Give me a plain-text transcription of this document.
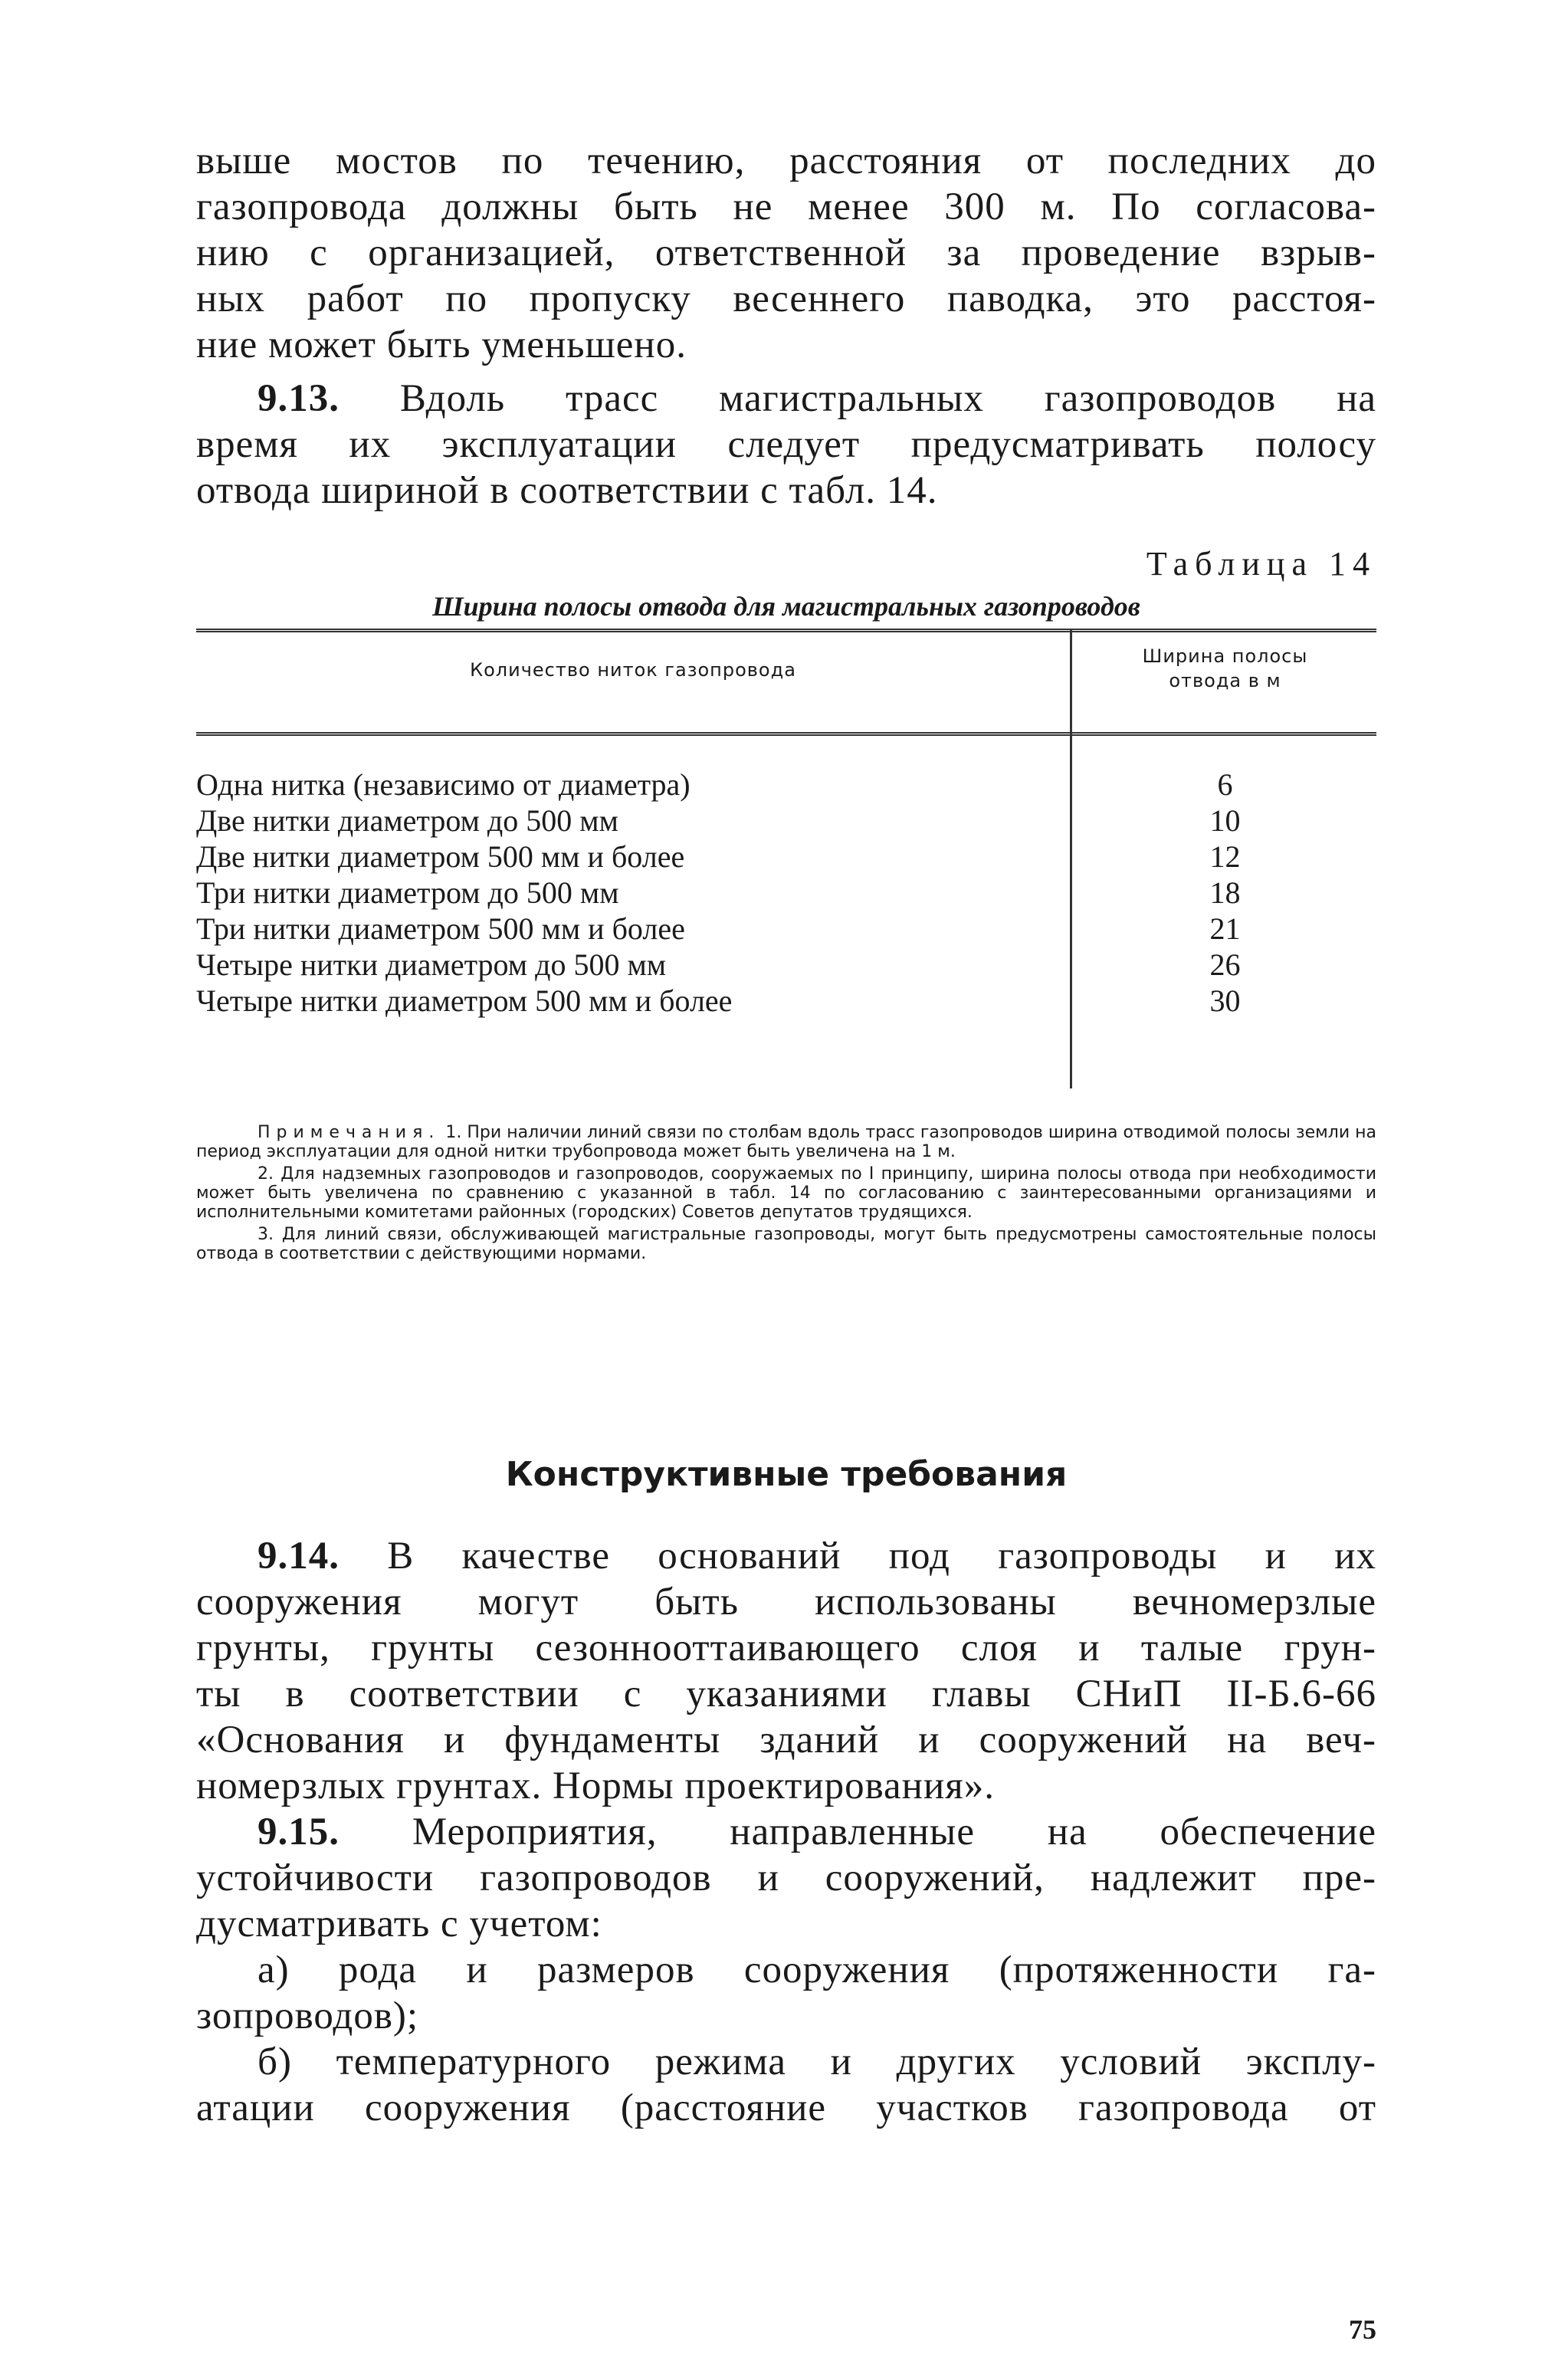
выше мостов по течению, расстояния от последних до
газопровода должны быть не менее 300 м. По согласова-
нию с организацией, ответственной за проведение взрыв-
ных работ по пропуску весеннего паводка, это расстоя-
ние может быть уменьшено.
9.13. Вдоль трасс магистральных газопроводов на
время их эксплуатации следует предусматривать полосу
отвода шириной в соответствии с табл. 14.
Таблица 14
Ширина полосы отвода для магистральных газопроводов
Количество ниток газопровода
Ширина полосы
отвода в м
Одна нитка (независимо от диаметра) . . .	6
Две нитки диаметром до 500 мм . . .	10
Две нитки диаметром 500 мм и более . . .	12
Три нитки диаметром до 500 мм . . .	18
Три нитки диаметром 500 мм и более . . .	21
Четыре нитки диаметром до 500 мм . . .	26
Четыре нитки диаметром 500 мм и более . . .	30

Примечания. 1. При наличии линий связи по столбам вдоль трасс газопроводов ширина отводимой полосы земли на период эксплуатации для одной нитки трубопровода может быть увеличена на 1 м.

2. Для надземных газопроводов и газопроводов, сооружаемых по I принципу, ширина полосы отвода при необходимости может быть увеличена по сравнению с указанной в табл. 14 по согласованию с заинтересованными организациями и исполнительными комитетами районных (городских) Советов депутатов трудящихся.

3. Для линий связи, обслуживающей магистральные газопроводы, могут быть предусмотрены самостоятельные полосы отвода в соответствии с действующими нормами.

Конструктивные требования
9.14. В качестве оснований под газопроводы и их
сооружения могут быть использованы вечномерзлые
грунты, грунты сезоннооттаивающего слоя и талые грун-
ты в соответствии с указаниями главы СНиП II-Б.6-66
«Основания и фундаменты зданий и сооружений на веч-
номерзлых грунтах. Нормы проектирования».
9.15. Мероприятия, направленные на обеспечение
устойчивости газопроводов и сооружений, надлежит пре-
дусматривать с учетом:
а) рода и размеров сооружения (протяженности га-
зопроводов);
б) температурного режима и других условий эксплу-
атации сооружения (расстояние участков газопровода от
75
